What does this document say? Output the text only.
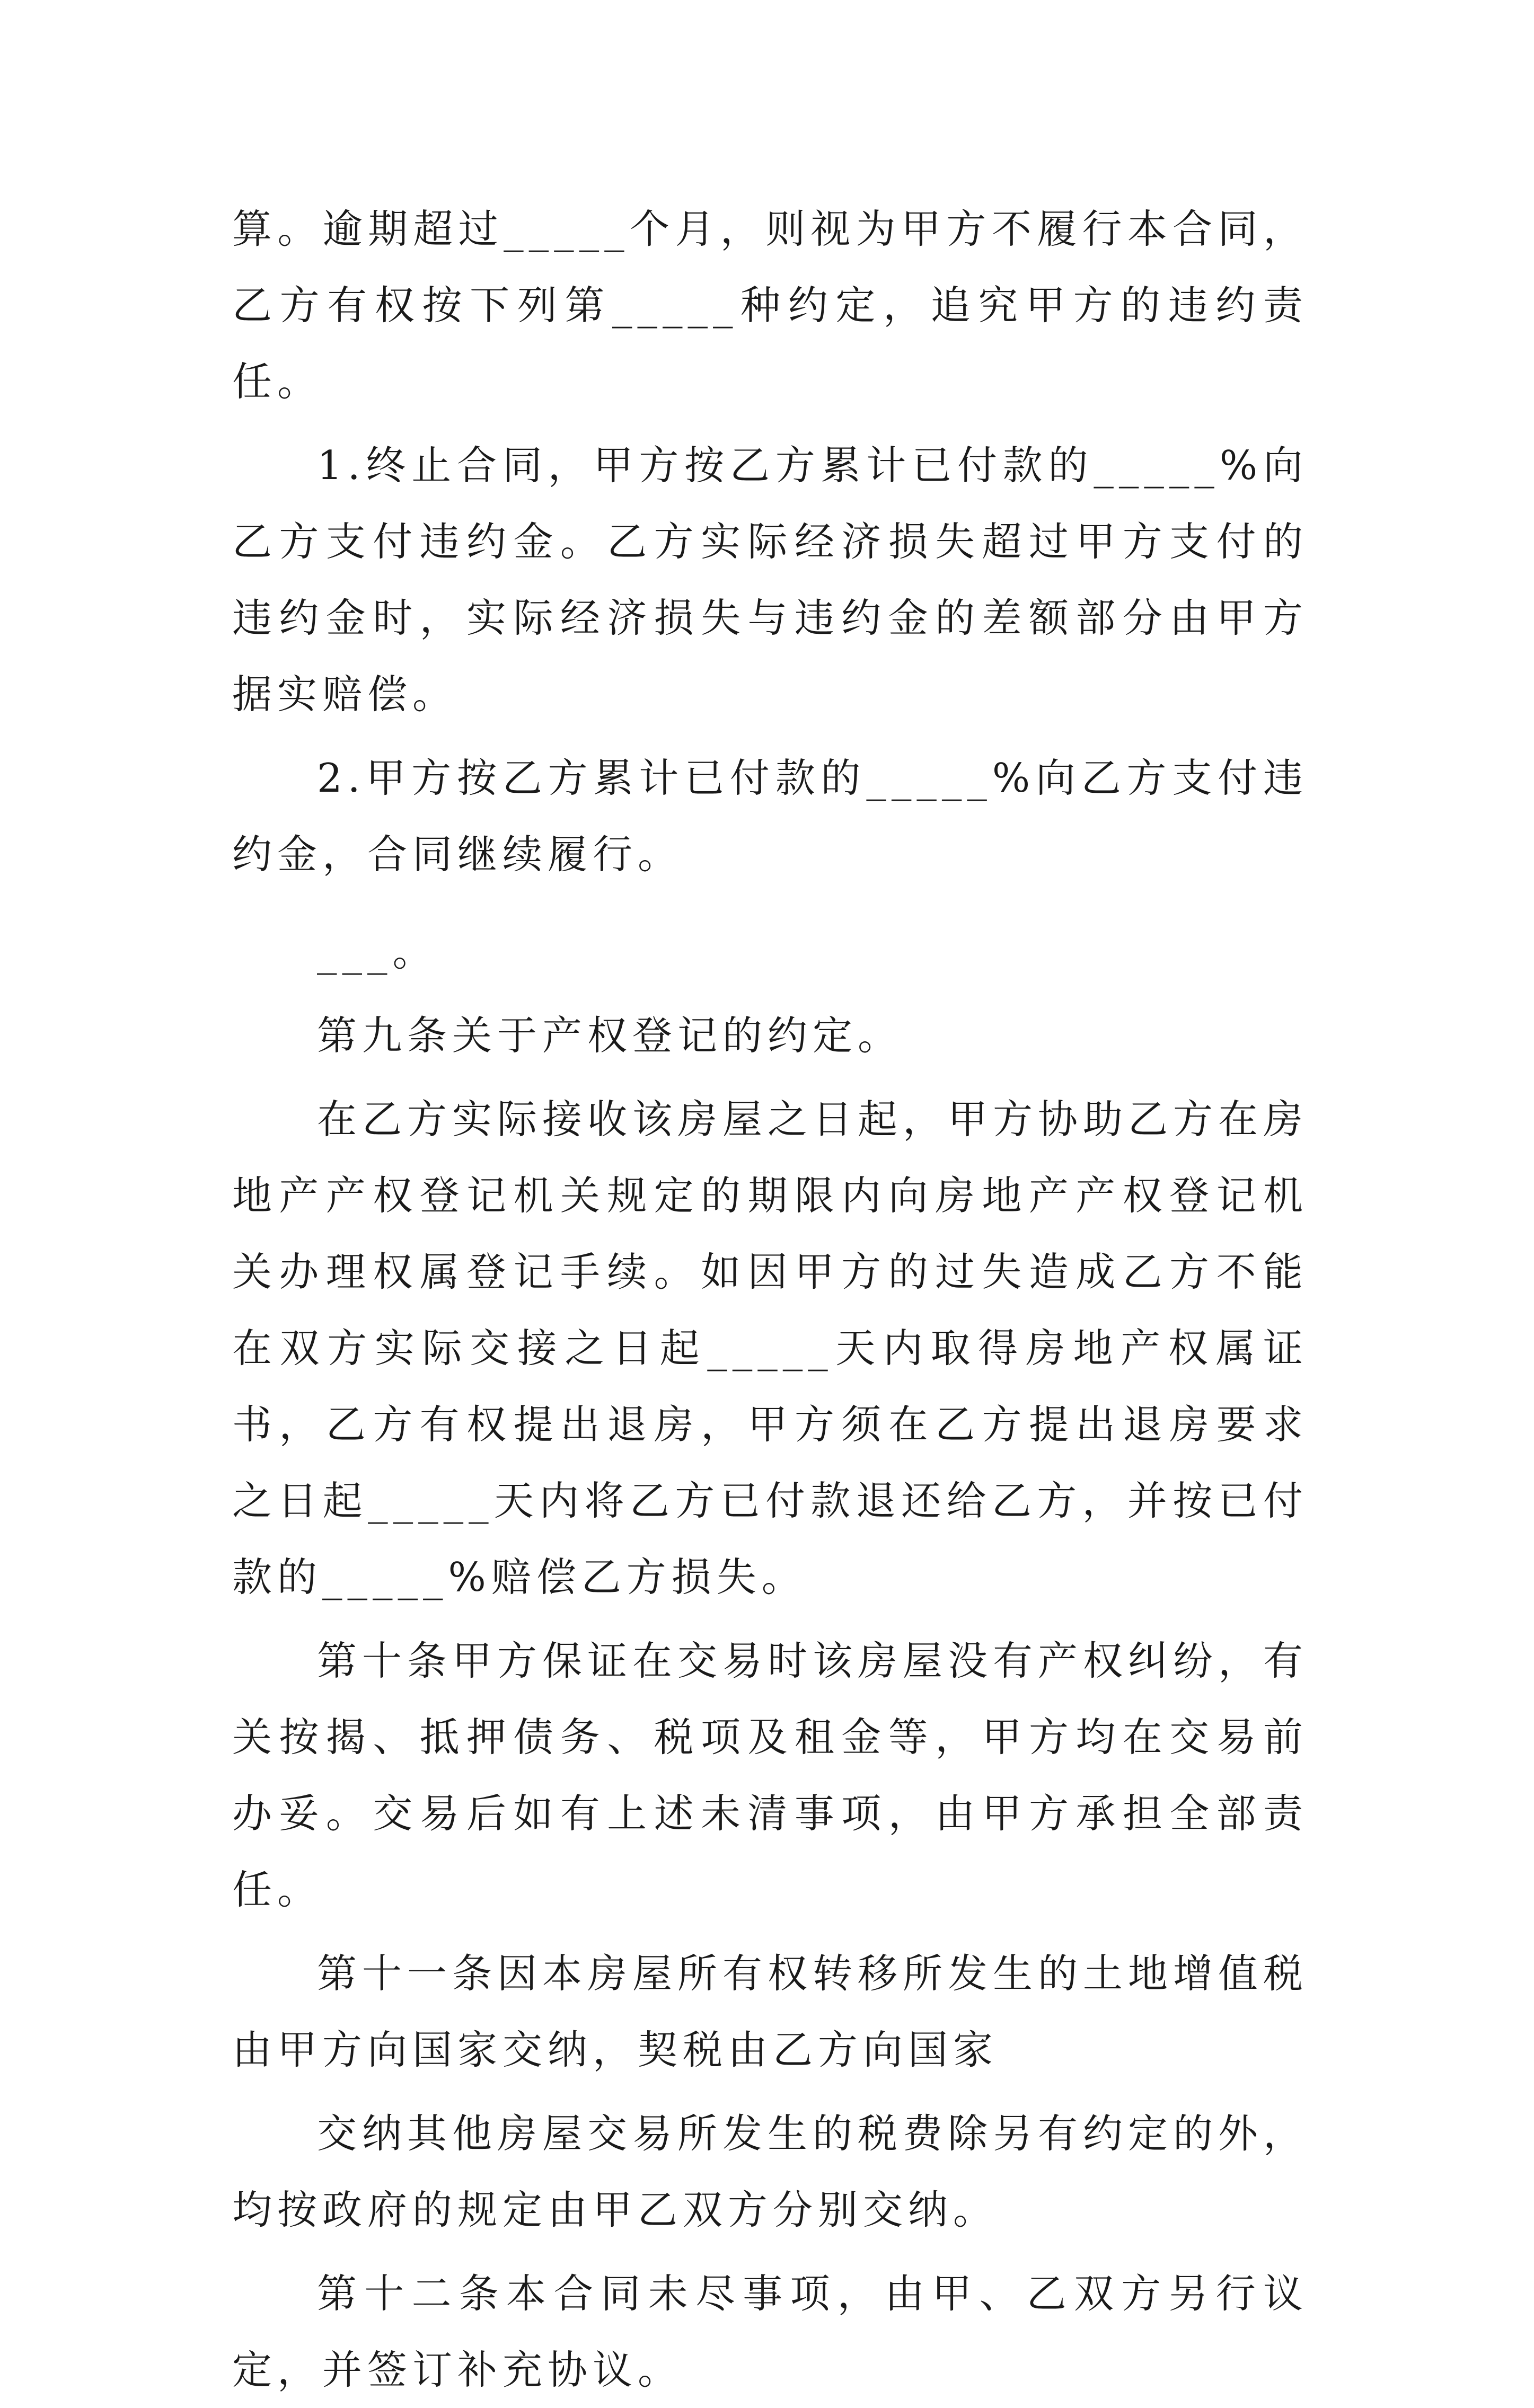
算。逾期超过_____个月，则视为甲方不履行本合同，乙方有权按下列第_____种约定，追究甲方的违约责任。

1.终止合同，甲方按乙方累计已付款的_____%向乙方支付违约金。乙方实际经济损失超过甲方支付的违约金时，实际经济损失与违约金的差额部分由甲方据实赔偿。

2.甲方按乙方累计已付款的_____%向乙方支付违约金，合同继续履行。

___。

第九条关于产权登记的约定。

在乙方实际接收该房屋之日起，甲方协助乙方在房地产产权登记机关规定的期限内向房地产产权登记机关办理权属登记手续。如因甲方的过失造成乙方不能在双方实际交接之日起_____天内取得房地产权属证书，乙方有权提出退房，甲方须在乙方提出退房要求之日起_____天内将乙方已付款退还给乙方，并按已付款的_____%赔偿乙方损失。

第十条甲方保证在交易时该房屋没有产权纠纷，有关按揭、抵押债务、税项及租金等，甲方均在交易前办妥。交易后如有上述未清事项，由甲方承担全部责任。

第十一条因本房屋所有权转移所发生的土地增值税由甲方向国家交纳，契税由乙方向国家

交纳其他房屋交易所发生的税费除另有约定的外，均按政府的规定由甲乙双方分别交纳。

第十二条本合同未尽事项，由甲、乙双方另行议定，并签订补充协议。
